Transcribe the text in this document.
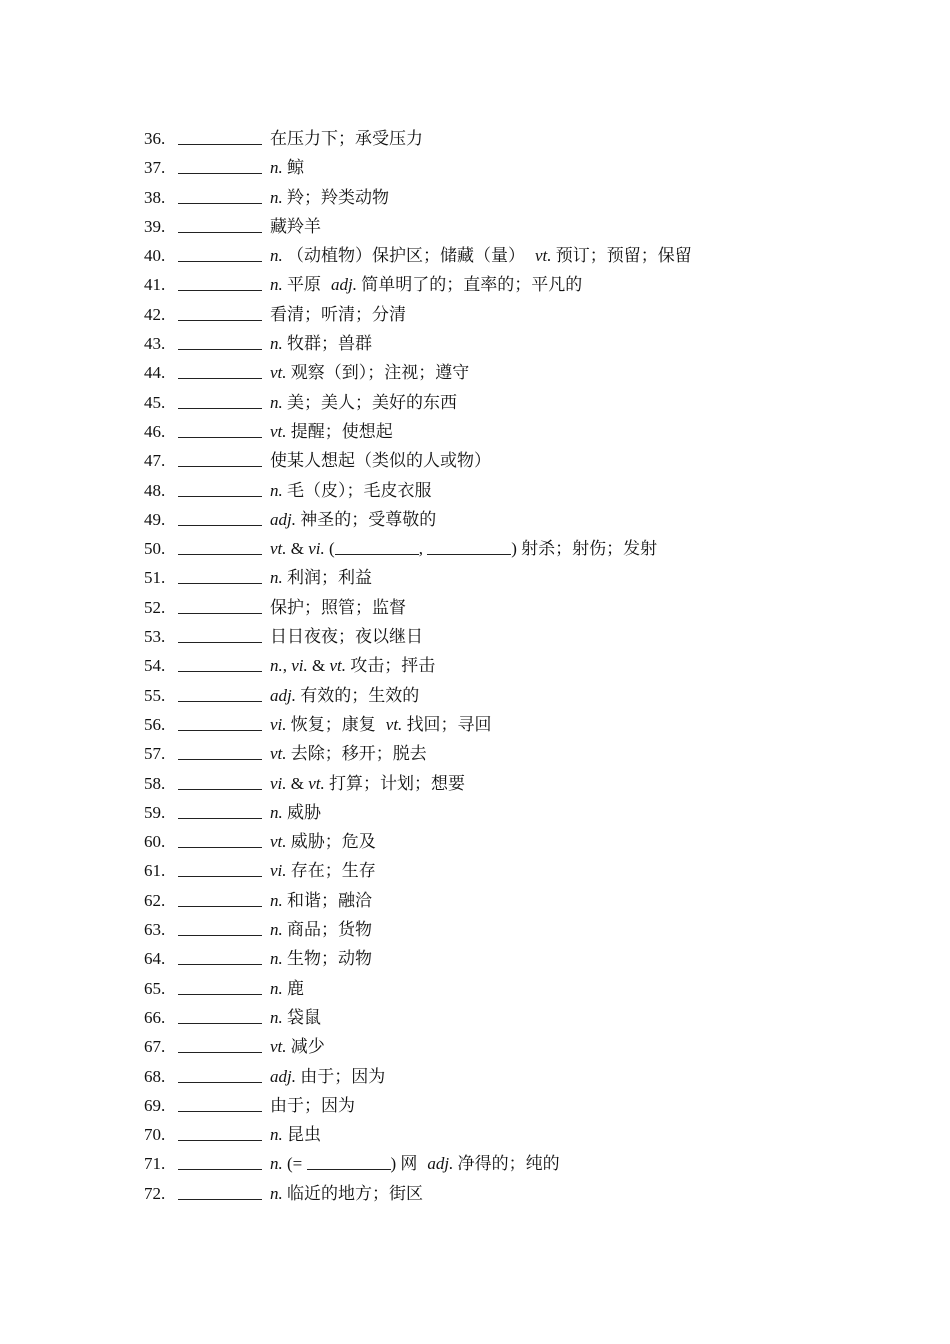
36.	在压力下；承受压力
37.	n. 鲸
38.	n. 羚；羚类动物
39.	藏羚羊
40.	n. （动植物）保护区；储藏（量） vt. 预订；预留；保留
41.	n. 平原 adj. 简单明了的；直率的；平凡的
42.	看清；听清；分清
43.	n. 牧群；兽群
44.	vt. 观察（到）；注视；遵守
45.	n. 美；美人；美好的东西
46.	vt. 提醒；使想起
47.	使某人想起（类似的人或物）
48.	n. 毛（皮）；毛皮衣服
49.	adj. 神圣的；受尊敬的
50.	vt. & vi. (	,	) 射杀；射伤；发射
51.	n. 利润；利益
52.	保护；照管；监督
53.	日日夜夜；夜以继日
54.	n. , vi. & vt. 攻击；抨击
55.	adj. 有效的；生效的
56.	vi. 恢复；康复 vt. 找回；寻回
57.	vt. 去除；移开；脱去
58.	vi. & vt. 打算；计划；想要
59.	n. 威胁
60.	vt. 威胁；危及
61.	vi. 存在；生存
62.	n. 和谐；融洽
63.	n. 商品；货物
64.	n. 生物；动物
65.	n. 鹿
66.	n. 袋鼠
67.	vt. 减少
68.	adj. 由于；因为
69.	由于；因为
70.	n. 昆虫
71.	n. (=	) 网 adj. 净得的；纯的
72.	n. 临近的地方；街区
